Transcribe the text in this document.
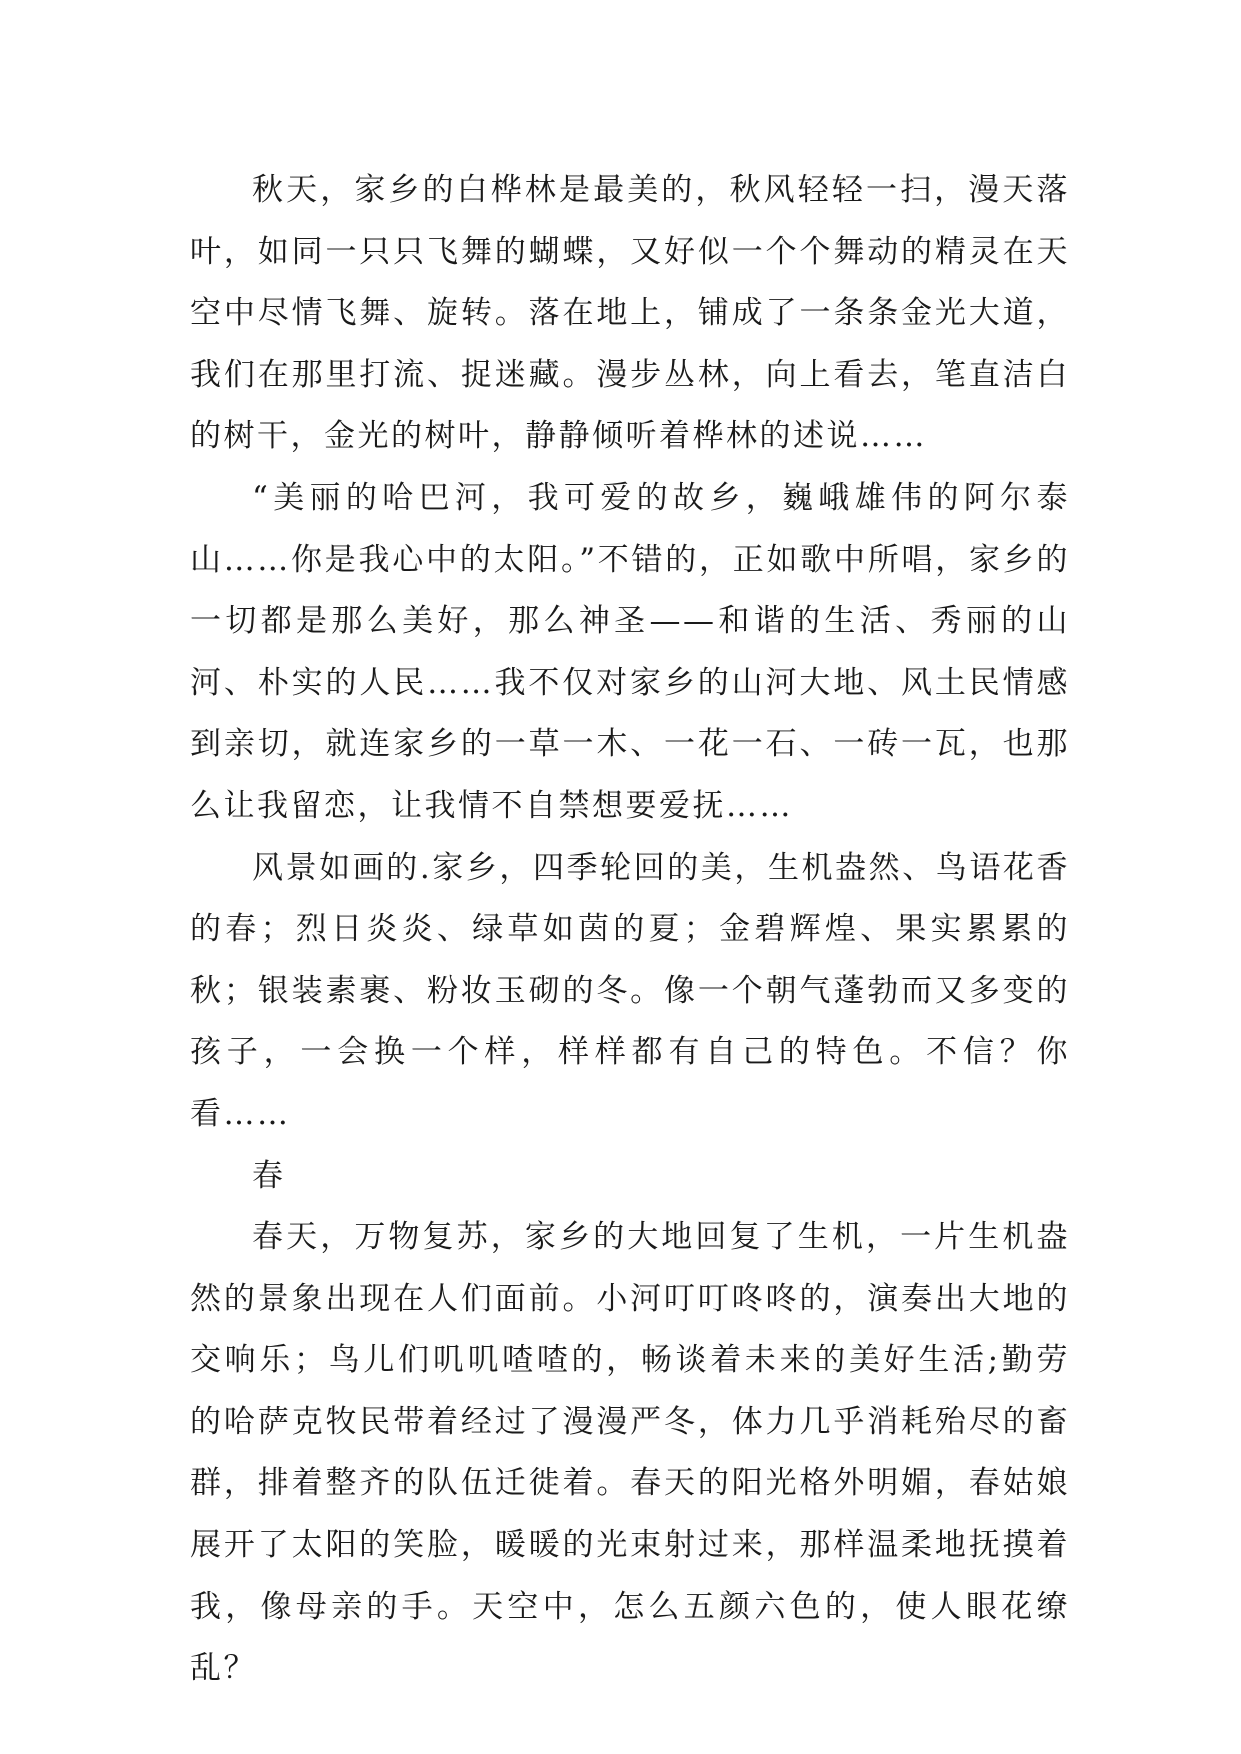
秋天，家乡的白桦林是最美的，秋风轻轻一扫，漫天落叶，如同一只只飞舞的蝴蝶，又好似一个个舞动的精灵在天空中尽情飞舞、旋转。落在地上，铺成了一条条金光大道，我们在那里打流、捉迷藏。漫步丛林，向上看去，笔直洁白的树干，金光的树叶，静静倾听着桦林的述说……

“美丽的哈巴河，我可爱的故乡，巍峨雄伟的阿尔泰山……你是我心中的太阳。”不错的，正如歌中所唱，家乡的一切都是那么美好，那么神圣——和谐的生活、秀丽的山河、朴实的人民……我不仅对家乡的山河大地、风土民情感到亲切，就连家乡的一草一木、一花一石、一砖一瓦，也那么让我留恋，让我情不自禁想要爱抚……

风景如画的.家乡，四季轮回的美，生机盎然、鸟语花香的春；烈日炎炎、绿草如茵的夏；金碧辉煌、果实累累的秋；银装素裹、粉妆玉砌的冬。像一个朝气蓬勃而又多变的孩子，一会换一个样，样样都有自己的特色。不信？你看……

春

春天，万物复苏，家乡的大地回复了生机，一片生机盎然的景象出现在人们面前。小河叮叮咚咚的，演奏出大地的交响乐；鸟儿们叽叽喳喳的，畅谈着未来的美好生活;勤劳的哈萨克牧民带着经过了漫漫严冬，体力几乎消耗殆尽的畜群，排着整齐的队伍迁徙着。春天的阳光格外明媚，春姑娘展开了太阳的笑脸，暖暖的光束射过来，那样温柔地抚摸着我，像母亲的手。天空中，怎么五颜六色的，使人眼花缭乱？
